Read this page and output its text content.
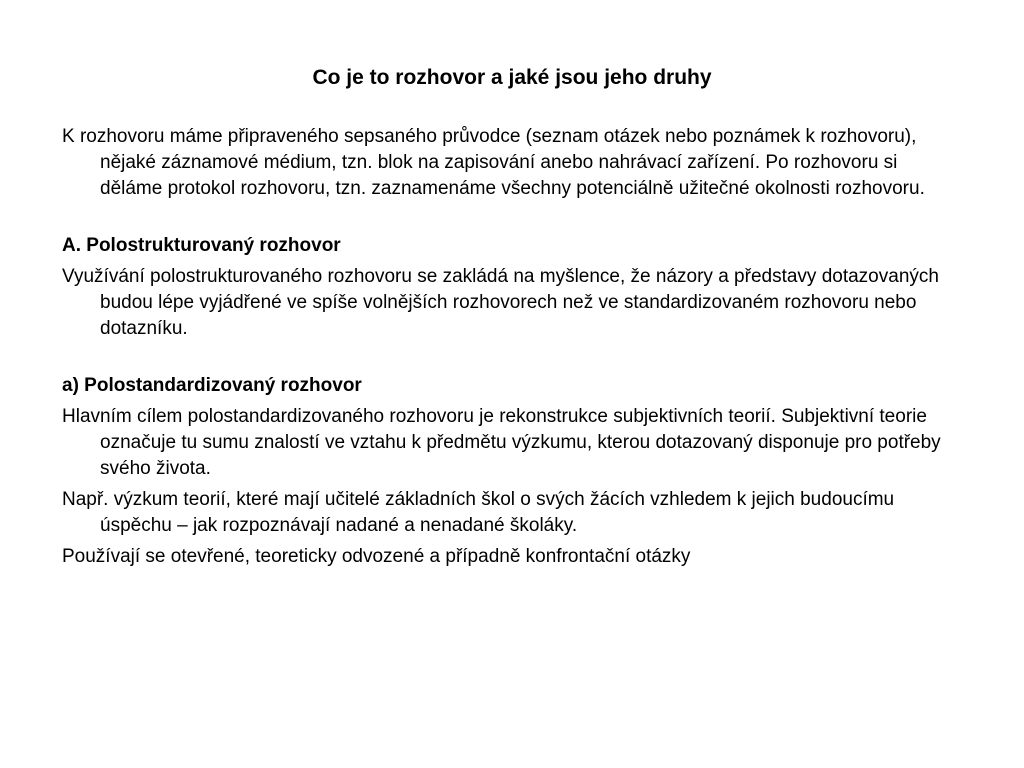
Co je to rozhovor a jaké jsou jeho druhy

K rozhovoru máme připraveného sepsaného průvodce (seznam otázek nebo poznámek k rozhovoru), nějaké záznamové médium, tzn. blok na zapisování anebo nahrávací zařízení. Po rozhovoru si děláme protokol rozhovoru, tzn. zaznamenáme všechny potenciálně užitečné okolnosti rozhovoru.

A. Polostrukturovaný rozhovor

Využívání polostrukturovaného rozhovoru se zakládá na myšlence, že názory a představy dotazovaných budou lépe vyjádřené ve spíše volnějších rozhovorech než ve standardizovaném rozhovoru nebo dotazníku.

a) Polostandardizovaný rozhovor

Hlavním cílem polostandardizovaného rozhovoru je rekonstrukce subjektivních teorií. Subjektivní teorie označuje tu sumu znalostí ve vztahu k předmětu výzkumu, kterou dotazovaný disponuje pro potřeby svého života.

Např. výzkum teorií, které mají učitelé základních škol o svých žácích vzhledem k jejich budoucímu úspěchu – jak rozpoznávají nadané a nenadané školáky.

Používají se otevřené, teoreticky odvozené a případně konfrontační otázky
